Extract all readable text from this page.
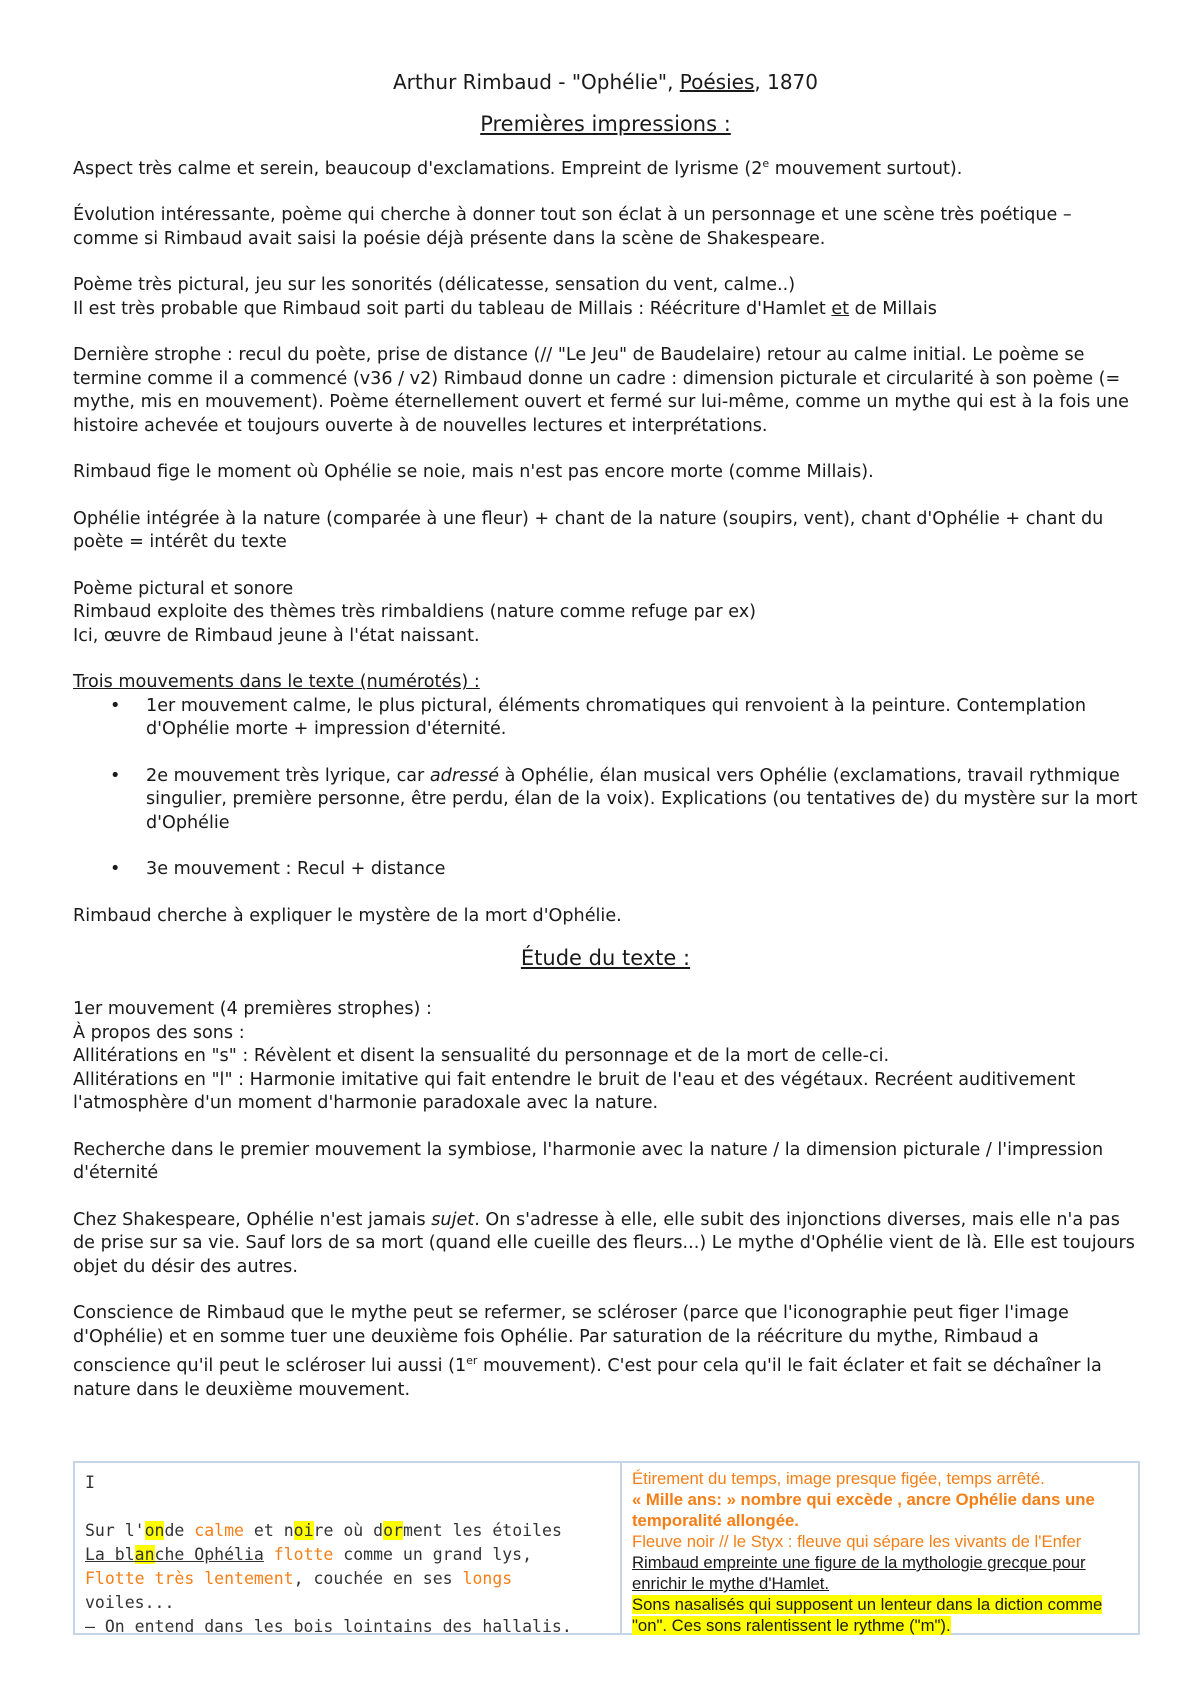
Arthur Rimbaud - "Ophélie", Poésies, 1870
Premières impressions :
Aspect très calme et serein, beaucoup d'exclamations. Empreint de lyrisme (2e mouvement surtout).
Évolution intéressante, poème qui cherche à donner tout son éclat à un personnage et une scène très poétique – comme si Rimbaud avait saisi la poésie déjà présente dans la scène de Shakespeare.
Poème très pictural, jeu sur les sonorités (délicatesse, sensation du vent, calme..)
Il est très probable que Rimbaud soit parti du tableau de Millais : Réécriture d'Hamlet et de Millais
Dernière strophe : recul du poète, prise de distance (// "Le Jeu" de Baudelaire) retour au calme initial. Le poème se termine comme il a commencé (v36 / v2) Rimbaud donne un cadre : dimension picturale et circularité à son poème (= mythe, mis en mouvement). Poème éternellement ouvert et fermé sur lui-même, comme un mythe qui est à la fois une histoire achevée et toujours ouverte à de nouvelles lectures et interprétations.
Rimbaud fige le moment où Ophélie se noie, mais n'est pas encore morte (comme Millais).
Ophélie intégrée à la nature (comparée à une fleur) + chant de la nature (soupirs, vent), chant d'Ophélie + chant du poète = intérêt du texte
Poème pictural et sonore
Rimbaud exploite des thèmes très rimbaldiens (nature comme refuge par ex)
Ici, œuvre de Rimbaud jeune à l'état naissant.
Trois mouvements dans le texte (numérotés) :
• 1er mouvement calme, le plus pictural, éléments chromatiques qui renvoient à la peinture. Contemplation d'Ophélie morte + impression d'éternité.
• 2e mouvement très lyrique, car adressé à Ophélie, élan musical vers Ophélie (exclamations, travail rythmique singulier, première personne, être perdu, élan de la voix). Explications (ou tentatives de) du mystère sur la mort d'Ophélie
• 3e mouvement : Recul + distance
Rimbaud cherche à expliquer le mystère de la mort d'Ophélie.
Étude du texte :
1er mouvement (4 premières strophes) :
À propos des sons :
Allitérations en "s" : Révèlent et disent la sensualité du personnage et de la mort de celle-ci.
Allitérations en "l" : Harmonie imitative qui fait entendre le bruit de l'eau et des végétaux. Recréent auditivement l'atmosphère d'un moment d'harmonie paradoxale avec la nature.
Recherche dans le premier mouvement la symbiose, l'harmonie avec la nature / la dimension picturale / l'impression d'éternité
Chez Shakespeare, Ophélie n'est jamais sujet. On s'adresse à elle, elle subit des injonctions diverses, mais elle n'a pas de prise sur sa vie. Sauf lors de sa mort (quand elle cueille des fleurs...) Le mythe d'Ophélie vient de là. Elle est toujours objet du désir des autres.
Conscience de Rimbaud que le mythe peut se refermer, se scléroser (parce que l'iconographie peut figer l'image d'Ophélie) et en somme tuer une deuxième fois Ophélie. Par saturation de la réécriture du mythe, Rimbaud a conscience qu'il peut le scléroser lui aussi (1er mouvement). C'est pour cela qu'il le fait éclater et fait se déchaîner la nature dans le deuxième mouvement.
I
Sur l'onde calme et noire où dorment les étoiles
La blanche Ophélia flotte comme un grand lys,
Flotte très lentement, couchée en ses longs voiles...
– On entend dans les bois lointains des hallalis.
Étirement du temps, image presque figée, temps arrêté.
« Mille ans: » nombre qui excède , ancre Ophélie dans une temporalité allongée.
Fleuve noir // le Styx : fleuve qui sépare les vivants de l'Enfer
Rimbaud empreinte une figure de la mythologie grecque pour enrichir le mythe d'Hamlet.
Sons nasalisés qui supposent un lenteur dans la diction comme "on". Ces sons ralentissent le rythme ("m").
